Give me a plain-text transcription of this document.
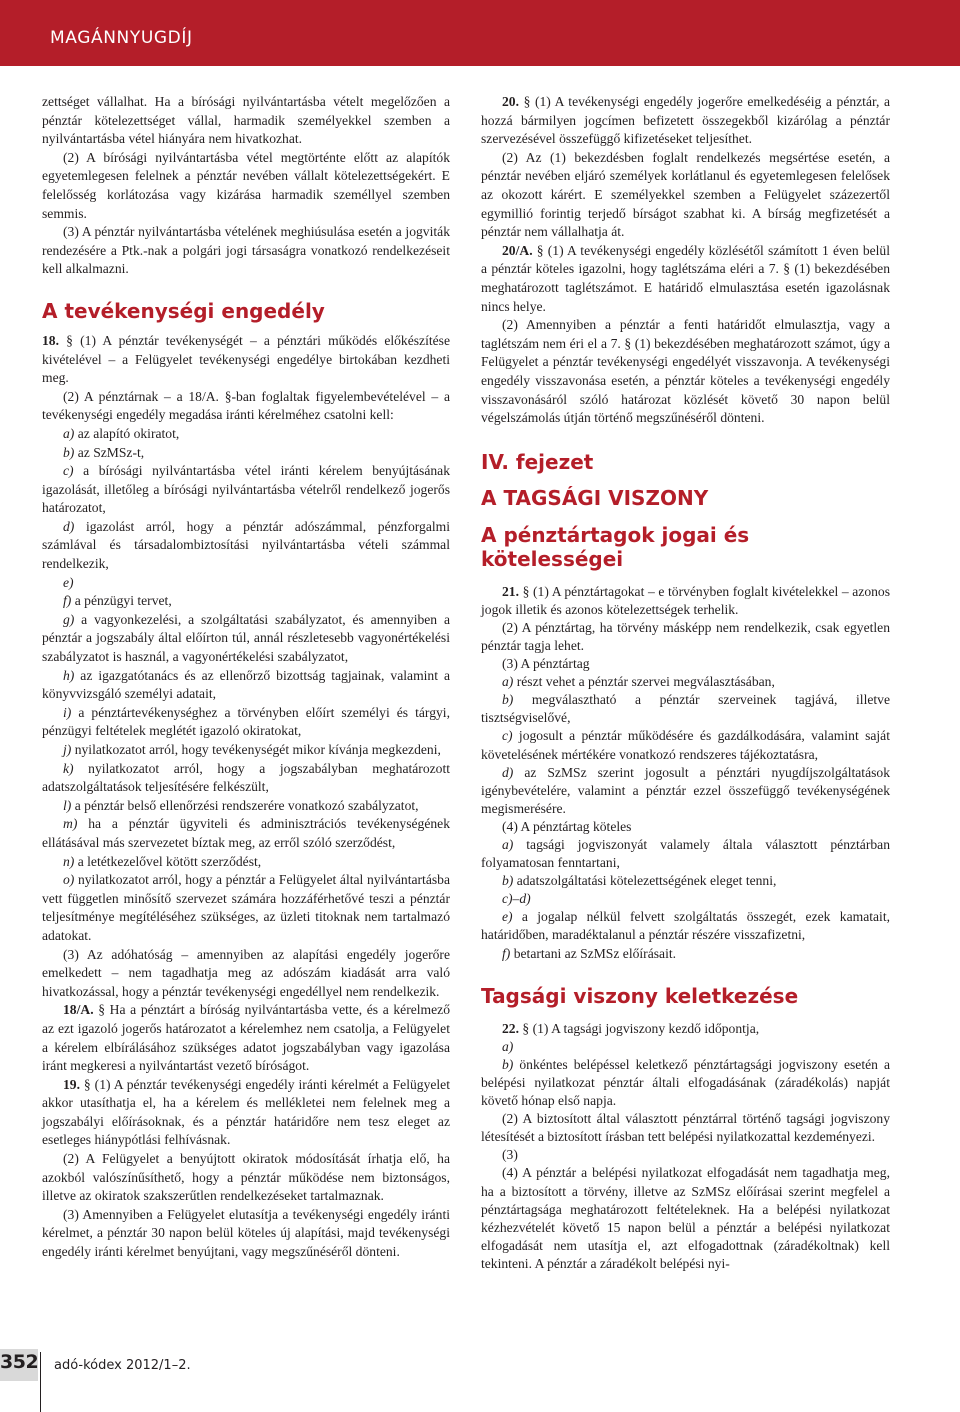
MAGÁNNYUGDÍJ

zettséget vállalhat. Ha a bírósági nyilvántartásba vételt megelőzően a pénztár kötelezettséget vállal, harmadik személyekkel szemben a nyilvántartásba vétel hiányára nem hivatkozhat.

(2) A bírósági nyilvántartásba vétel megtörténte előtt az alapítók egyetemlegesen felelnek a pénztár nevében vállalt kötelezettségekért. E felelősség korlátozása vagy kizárása harmadik személlyel szemben semmis.

(3) A pénztár nyilvántartásba vételének meghiúsulása esetén a jogviták rendezésére a Ptk.-nak a polgári jogi társaságra vonatkozó rendelkezéseit kell alkalmazni.

A tevékenységi engedély

18. § (1) A pénztár tevékenységét – a pénztári működés előkészítése kivételével – a Felügyelet tevékenységi engedélye birtokában kezdheti meg.

(2) A pénztárnak – a 18/A. §-ban foglaltak figyelembevételével – a tevékenységi engedély megadása iránti kérelméhez csatolni kell:

a) az alapító okiratot,

b) az SzMSz-t,

c) a bírósági nyilvántartásba vétel iránti kérelem benyújtásának igazolását, illetőleg a bírósági nyilvántartásba vételről rendelkező jogerős határozatot,

d) igazolást arról, hogy a pénztár adószámmal, pénzforgalmi számlával és társadalombiztosítási nyilvántartásba vételi számmal rendelkezik,

e)

f) a pénzügyi tervet,

g) a vagyonkezelési, a szolgáltatási szabályzatot, és amennyiben a pénztár a jogszabály által előírton túl, annál részletesebb vagyonértékelési szabályzatot is használ, a vagyonértékelési szabályzatot,

h) az igazgatótanács és az ellenőrző bizottság tagjainak, valamint a könyvvizsgáló személyi adatait,

i) a pénztártevékenységhez a törvényben előírt személyi és tárgyi, pénzügyi feltételek meglétét igazoló okiratokat,

j) nyilatkozatot arról, hogy tevékenységét mikor kívánja megkezdeni,

k) nyilatkozatot arról, hogy a jogszabályban meghatározott adatszolgáltatások teljesítésére felkészült,

l) a pénztár belső ellenőrzési rendszerére vonatkozó szabályzatot,

m) ha a pénztár ügyviteli és adminisztrációs tevékenységének ellátásával más szervezetet bíztak meg, az erről szóló szerződést,

n) a letétkezelővel kötött szerződést,

o) nyilatkozatot arról, hogy a pénztár a Felügyelet által nyilvántartásba vett független minősítő szervezet számára hozzáférhetővé teszi a pénztár teljesítménye megítéléséhez szükséges, az üzleti titoknak nem tartalmazó adatokat.

(3) Az adóhatóság – amennyiben az alapítási engedély jogerőre emelkedett – nem tagadhatja meg az adószám kiadását arra való hivatkozással, hogy a pénztár tevékenységi engedéllyel nem rendelkezik.

18/A. § Ha a pénztárt a bíróság nyilvántartásba vette, és a kérelmező az ezt igazoló jogerős határozatot a kérelemhez nem csatolja, a Felügyelet a kérelem elbírálásához szükséges adatot jogszabályban vagy igazolása iránt megkeresi a nyilvántartást vezető bíróságot.

19. § (1) A pénztár tevékenységi engedély iránti kérelmét a Felügyelet akkor utasíthatja el, ha a kérelem és mellékletei nem felelnek meg a jogszabályi előírásoknak, és a pénztár határidőre nem tesz eleget az esetleges hiánypótlási felhívásnak.

(2) A Felügyelet a benyújtott okiratok módosítását írhatja elő, ha azokból valószínűsíthető, hogy a pénztár működése nem biztonságos, illetve az okiratok szakszerűtlen rendelkezéseket tartalmaznak.

(3) Amennyiben a Felügyelet elutasítja a tevékenységi engedély iránti kérelmet, a pénztár 30 napon belül köteles új alapítási, majd tevékenységi engedély iránti kérelmet benyújtani, vagy megszűnéséről dönteni.

20. § (1) A tevékenységi engedély jogerőre emelkedéséig a pénztár, a hozzá bármilyen jogcímen befizetett összegekből kizárólag a pénztár szervezésével összefüggő kifizetéseket teljesíthet.

(2) Az (1) bekezdésben foglalt rendelkezés megsértése esetén, a pénztár nevében eljáró személyek korlátlanul és egyetemlegesen felelősek az okozott kárért. E személyekkel szemben a Felügyelet százezertől egymillió forintig terjedő bírságot szabhat ki. A bírság megfizetését a pénztár nem vállalhatja át.

20/A. § (1) A tevékenységi engedély közlésétől számított 1 éven belül a pénztár köteles igazolni, hogy taglétszáma eléri a 7. § (1) bekezdésében meghatározott taglétszámot. E határidő elmulasztása esetén igazolásnak nincs helye.

(2) Amennyiben a pénztár a fenti határidőt elmulasztja, vagy a taglétszám nem éri el a 7. § (1) bekezdésében meghatározott számot, úgy a Felügyelet a pénztár tevékenységi engedélyét visszavonja. A tevékenységi engedély visszavonása esetén, a pénztár köteles a tevékenységi engedély visszavonásáról szóló határozat közlését követő 30 napon belül végelszámolás útján történő megszűnéséről dönteni.

IV. fejezet
A TAGSÁGI VISZONY
A pénztártagok jogai és kötelességei

21. § (1) A pénztártagokat – e törvényben foglalt kivételekkel – azonos jogok illetik és azonos kötelezettségek terhelik.

(2) A pénztártag, ha törvény másképp nem rendelkezik, csak egyetlen pénztár tagja lehet.

(3) A pénztártag

a) részt vehet a pénztár szervei megválasztásában,

b) megválasztható a pénztár szerveinek tagjává, illetve tisztségviselővé,

c) jogosult a pénztár működésére és gazdálkodására, valamint saját követelésének mértékére vonatkozó rendszeres tájékoztatásra,

d) az SzMSz szerint jogosult a pénztári nyugdíjszolgáltatások igénybevételére, valamint a pénztár ezzel összefüggő tevékenységének megismerésére.

(4) A pénztártag köteles

a) tagsági jogviszonyát valamely általa választott pénztárban folyamatosan fenntartani,

b) adatszolgáltatási kötelezettségének eleget tenni,

c)–d)

e) a jogalap nélkül felvett szolgáltatás összegét, ezek kamatait, határidőben, maradéktalanul a pénztár részére visszafizetni,

f) betartani az SzMSz előírásait.

Tagsági viszony keletkezése

22. § (1) A tagsági jogviszony kezdő időpontja,

a)

b) önkéntes belépéssel keletkező pénztártagsági jogviszony esetén a belépési nyilatkozat pénztár általi elfogadásának (záradékolás) napját követő hónap első napja.

(2) A biztosított által választott pénztárral történő tagsági jogviszony létesítését a biztosított írásban tett belépési nyilatkozattal kezdeményezi.

(3)

(4) A pénztár a belépési nyilatkozat elfogadását nem tagadhatja meg, ha a biztosított a törvény, illetve az SzMSz előírásai szerint megfelel a pénztártagsága meghatározott feltételeknek. Ha a belépési nyilatkozat kézhezvételét követő 15 napon belül a pénztár a belépési nyilatkozat elfogadását nem utasítja el, azt elfogadottnak (záradékoltnak) kell tekinteni. A pénztár a záradékolt belépési nyi-

352 adó-kódex 2012/1–2.
